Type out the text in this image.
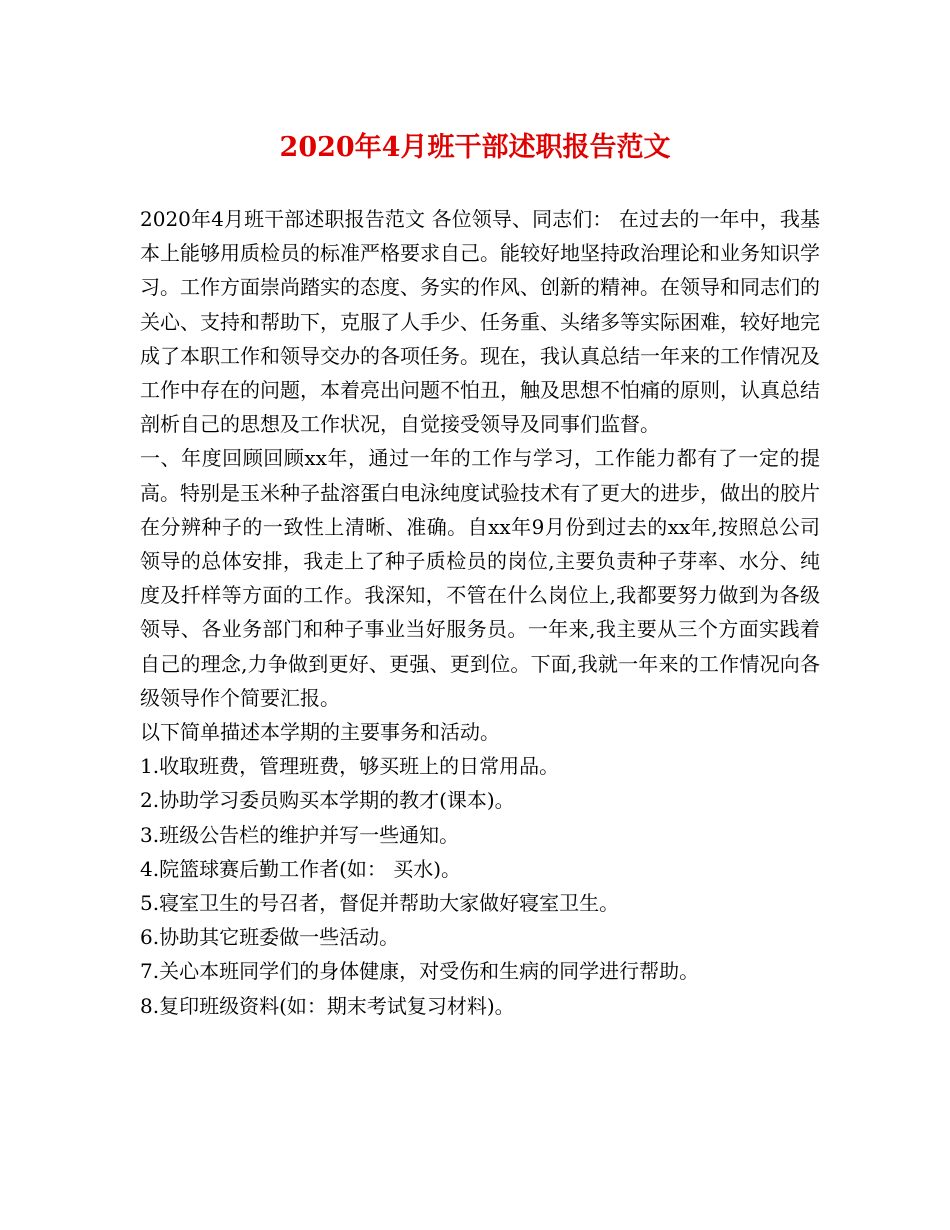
2020年4月班干部述职报告范文

2020年4月班干部述职报告范文 各位领导、同志们： 在过去的一年中，我基本上能够用质检员的标准严格要求自己。能较好地坚持政治理论和业务知识学习。工作方面崇尚踏实的态度、务实的作风、创新的精神。在领导和同志们的关心、支持和帮助下，克服了人手少、任务重、头绪多等实际困难，较好地完成了本职工作和领导交办的各项任务。现在，我认真总结一年来的工作情况及工作中存在的问题，本着亮出问题不怕丑，触及思想不怕痛的原则，认真总结剖析自己的思想及工作状况，自觉接受领导及同事们监督。

一、年度回顾回顾xx年，通过一年的工作与学习，工作能力都有了一定的提高。特别是玉米种子盐溶蛋白电泳纯度试验技术有了更大的进步，做出的胶片在分辨种子的一致性上清晰、准确。自xx年9月份到过去的xx年,按照总公司领导的总体安排，我走上了种子质检员的岗位,主要负责种子芽率、水分、纯度及扦样等方面的工作。我深知，不管在什么岗位上,我都要努力做到为各级领导、各业务部门和种子事业当好服务员。一年来,我主要从三个方面实践着自己的理念,力争做到更好、更强、更到位。下面,我就一年来的工作情况向各级领导作个简要汇报。

以下简单描述本学期的主要事务和活动。

1.收取班费，管理班费，够买班上的日常用品。

2.协助学习委员购买本学期的教才(课本)。

3.班级公告栏的维护并写一些通知。

4.院篮球赛后勤工作者(如： 买水)。

5.寝室卫生的号召者，督促并帮助大家做好寝室卫生。

6.协助其它班委做一些活动。

7.关心本班同学们的身体健康，对受伤和生病的同学进行帮助。

8.复印班级资料(如：期末考试复习材料)。
